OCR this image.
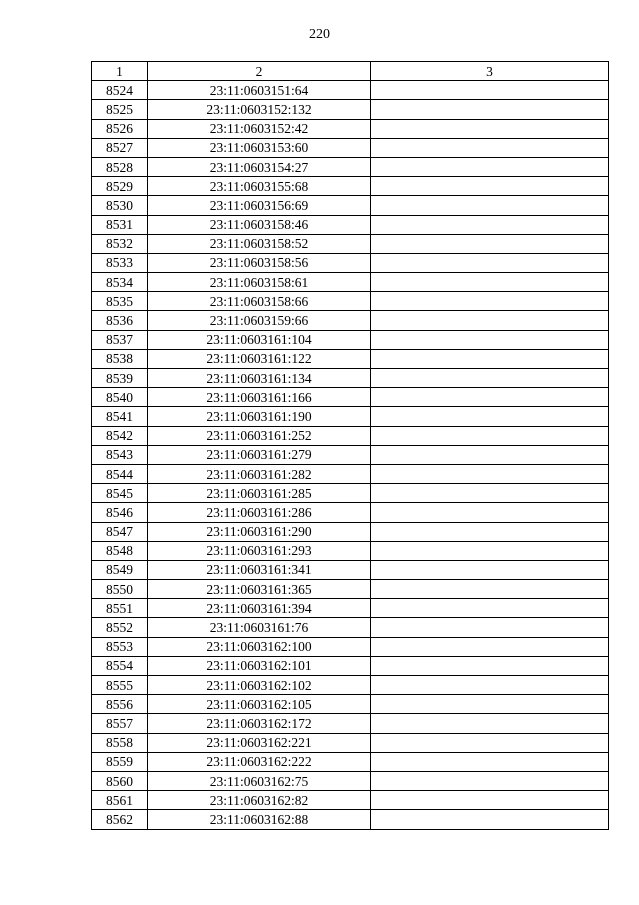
220
1	2	3
8524	23:11:0603151:64	
8525	23:11:0603152:132	
8526	23:11:0603152:42	
8527	23:11:0603153:60	
8528	23:11:0603154:27	
8529	23:11:0603155:68	
8530	23:11:0603156:69	
8531	23:11:0603158:46	
8532	23:11:0603158:52	
8533	23:11:0603158:56	
8534	23:11:0603158:61	
8535	23:11:0603158:66	
8536	23:11:0603159:66	
8537	23:11:0603161:104	
8538	23:11:0603161:122	
8539	23:11:0603161:134	
8540	23:11:0603161:166	
8541	23:11:0603161:190	
8542	23:11:0603161:252	
8543	23:11:0603161:279	
8544	23:11:0603161:282	
8545	23:11:0603161:285	
8546	23:11:0603161:286	
8547	23:11:0603161:290	
8548	23:11:0603161:293	
8549	23:11:0603161:341	
8550	23:11:0603161:365	
8551	23:11:0603161:394	
8552	23:11:0603161:76	
8553	23:11:0603162:100	
8554	23:11:0603162:101	
8555	23:11:0603162:102	
8556	23:11:0603162:105	
8557	23:11:0603162:172	
8558	23:11:0603162:221	
8559	23:11:0603162:222	
8560	23:11:0603162:75	
8561	23:11:0603162:82	
8562	23:11:0603162:88	
